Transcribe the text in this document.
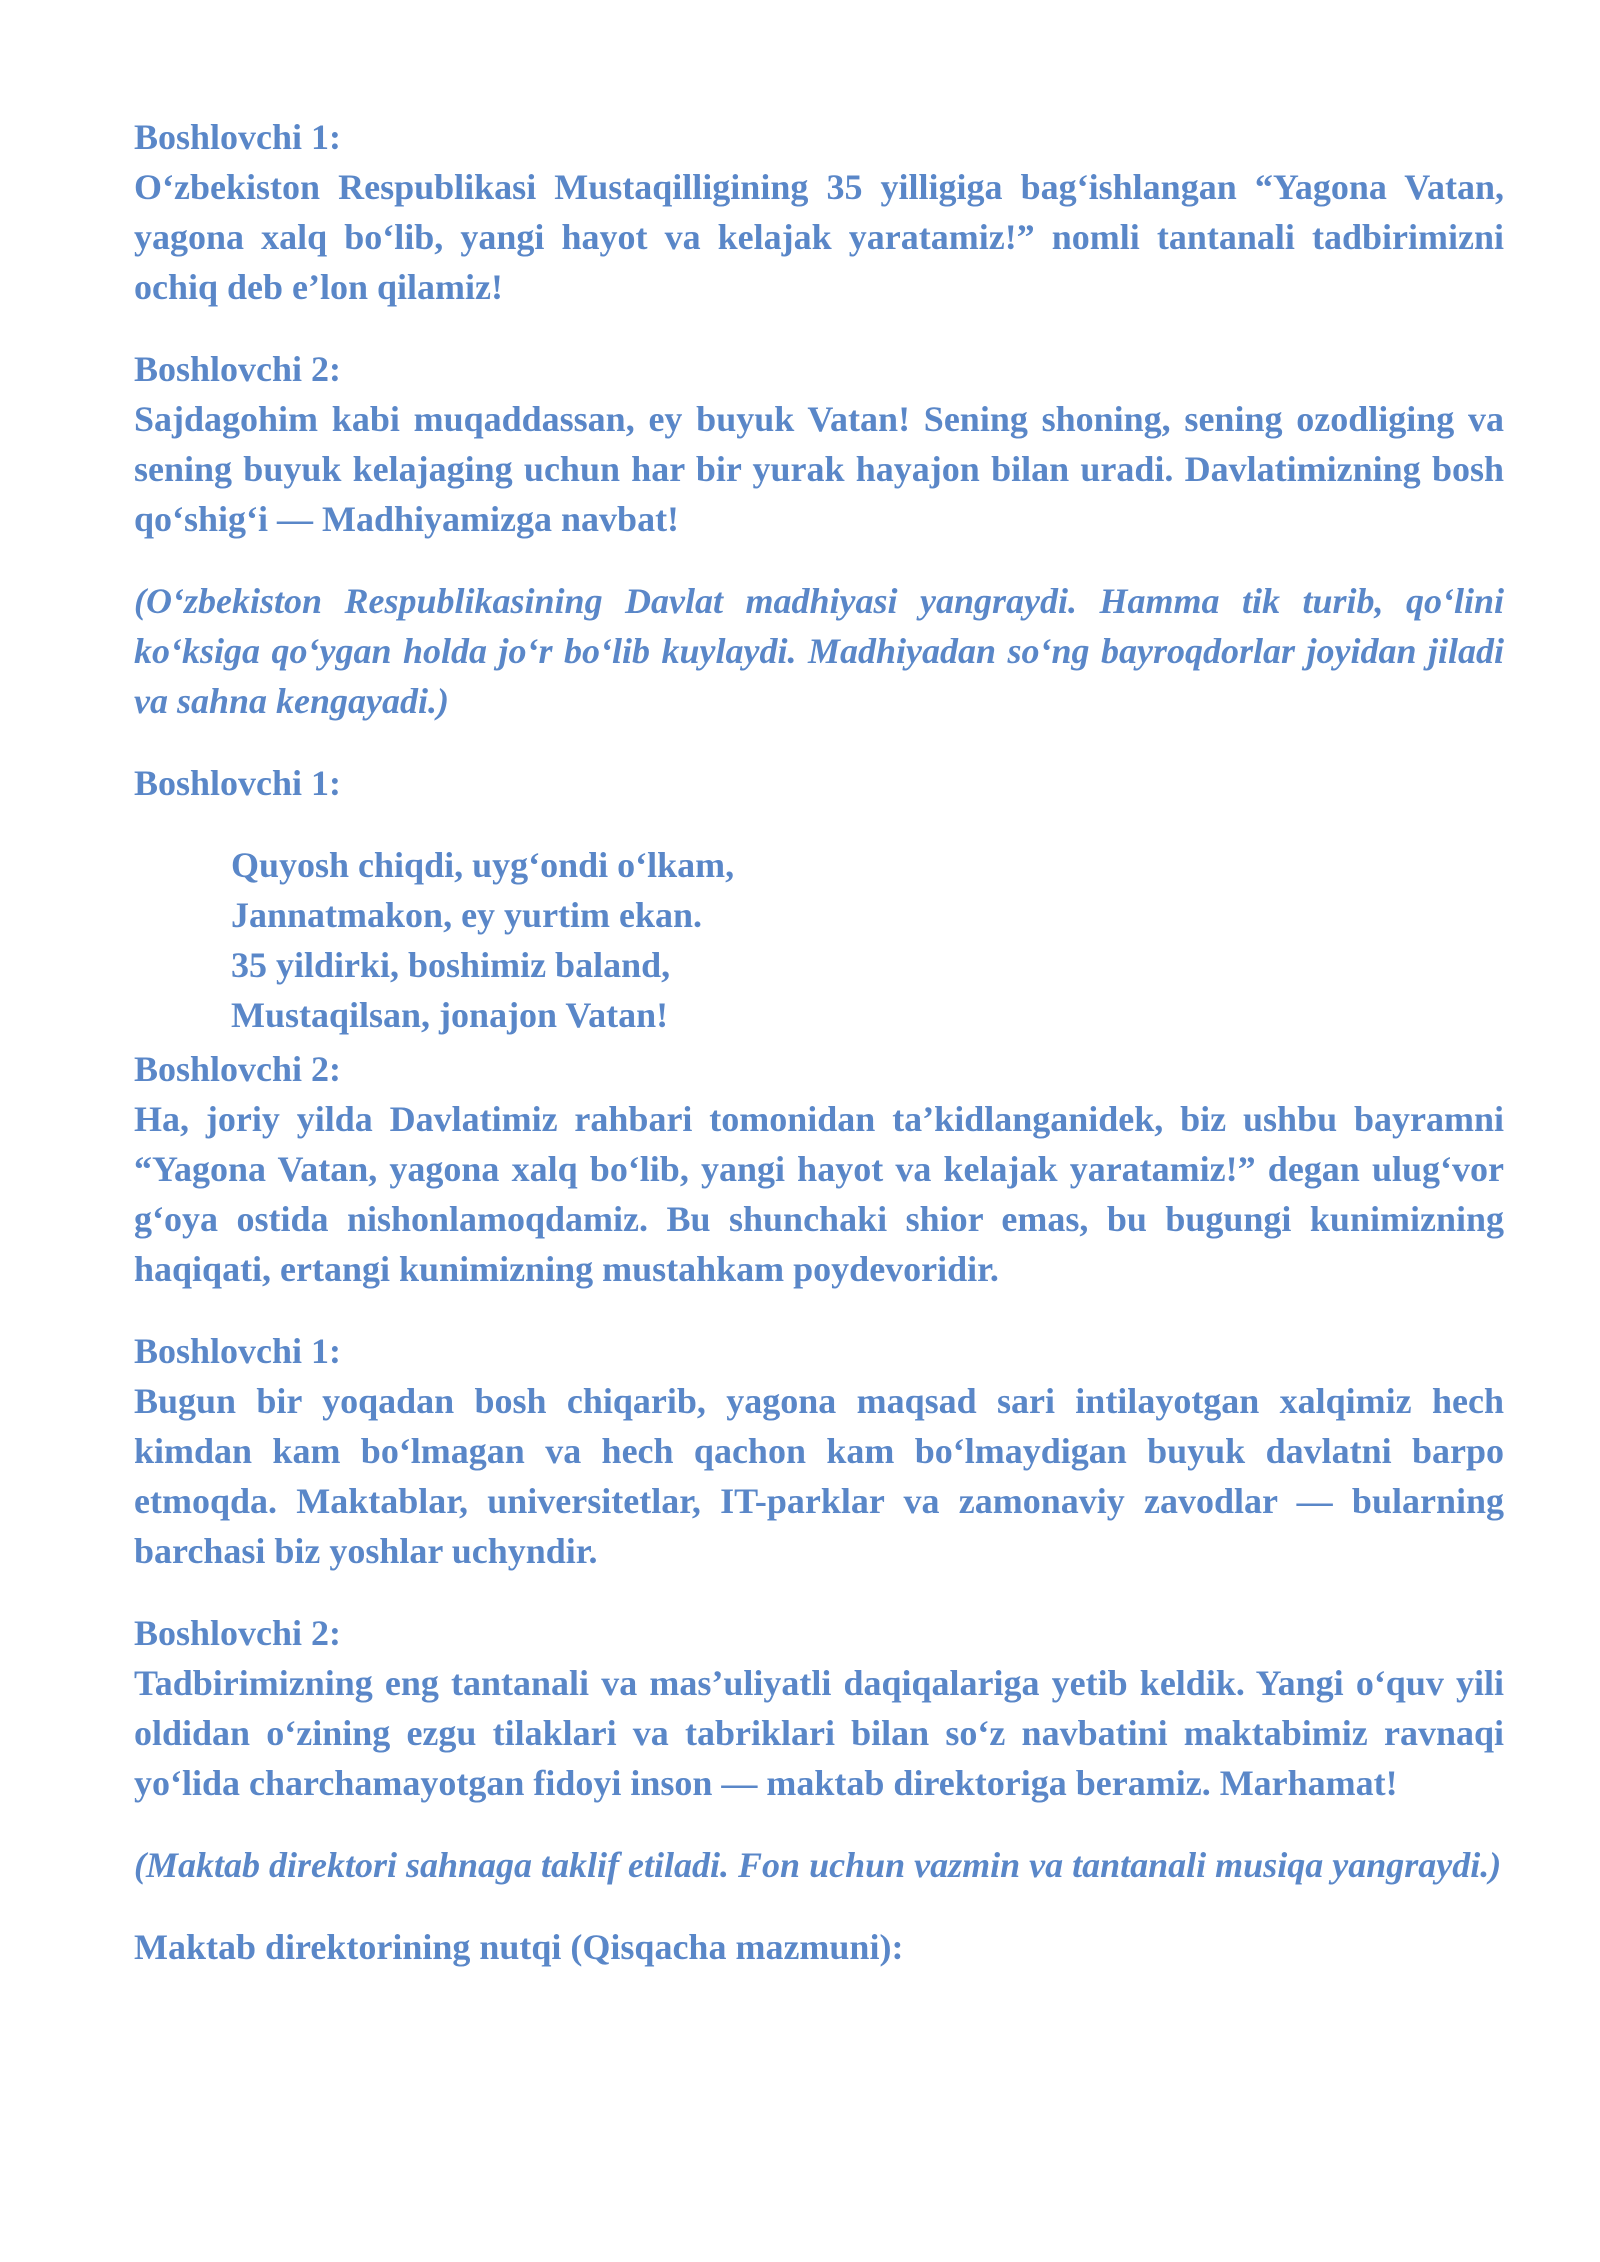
Boshlovchi 1:

O‘zbekiston Respublikasi Mustaqilligining 35 yilligiga bag‘ishlangan “Yagona Vatan, yagona xalq bo‘lib, yangi hayot va kelajak yaratamiz!” nomli tantanali tadbirimizni ochiq deb e’lon qilamiz!

Boshlovchi 2:

Sajdagohim kabi muqaddassan, ey buyuk Vatan! Sening shoning, sening ozodliging va sening buyuk kelajaging uchun har bir yurak hayajon bilan uradi. Davlatimizning bosh qo‘shig‘i — Madhiyamizga navbat!

(O‘zbekiston Respublikasining Davlat madhiyasi yangraydi. Hamma tik turib, qo‘lini ko‘ksiga qo‘ygan holda jo‘r bo‘lib kuylaydi. Madhiyadan so‘ng bayroqdorlar joyidan jiladi va sahna kengayadi.)

Boshlovchi 1:
Quyosh chiqdi, uyg‘ondi o‘lkam,
Jannatmakon, ey yurtim ekan.
35 yildirki, boshimiz baland,
Mustaqilsan, jonajon Vatan!
Boshlovchi 2:

Ha, joriy yilda Davlatimiz rahbari tomonidan ta’kidlanganidek, biz ushbu bayramni “Yagona Vatan, yagona xalq bo‘lib, yangi hayot va kelajak yaratamiz!” degan ulug‘vor g‘oya ostida nishonlamoqdamiz. Bu shunchaki shior emas, bu bugungi kunimizning haqiqati, ertangi kunimizning mustahkam poydevoridir.

Boshlovchi 1:

Bugun bir yoqadan bosh chiqarib, yagona maqsad sari intilayotgan xalqimiz hech kimdan kam bo‘lmagan va hech qachon kam bo‘lmaydigan buyuk davlatni barpo etmoqda. Maktablar, universitetlar, IT-parklar va zamonaviy zavodlar — bularning barchasi biz yoshlar uchyndir.

Boshlovchi 2:

Tadbirimizning eng tantanali va mas’uliyatli daqiqalariga yetib keldik. Yangi o‘quv yili oldidan o‘zining ezgu tilaklari va tabriklari bilan so‘z navbatini maktabimiz ravnaqi yo‘lida charchamayotgan fidoyi inson — maktab direktoriga beramiz. Marhamat!

(Maktab direktori sahnaga taklif etiladi. Fon uchun vazmin va tantanali musiqa yangraydi.)

Maktab direktorining nutqi (Qisqacha mazmuni):
